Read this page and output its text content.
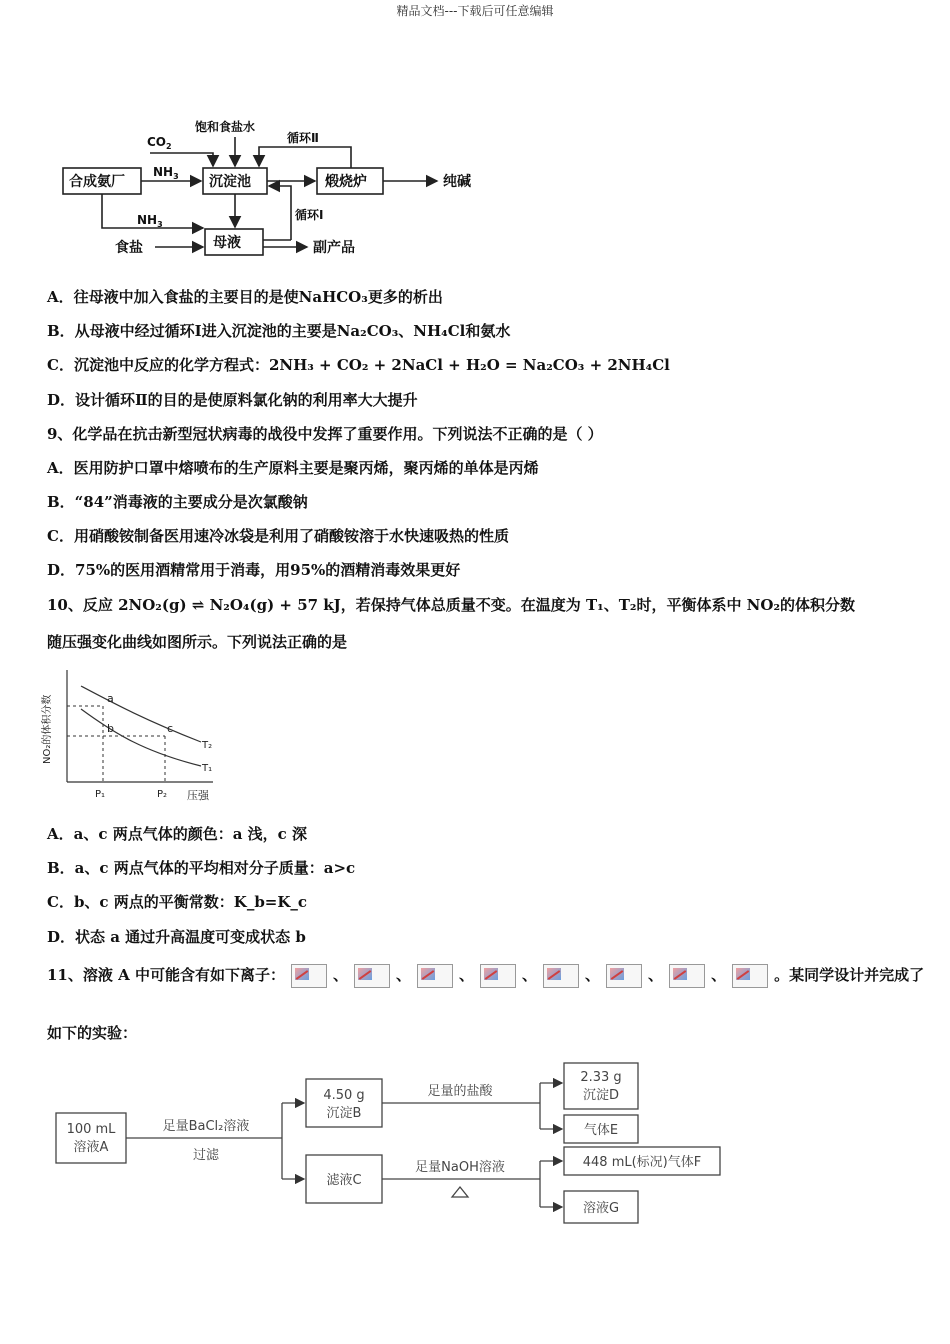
精品文档---下载后可任意编辑
合成氨厂	沉淀池	煅烧炉
母液
纯碱
副产品
食盐
饱和食盐水
循环Ⅱ
循环Ⅰ
$CO_2$
$NH_3$
$NH_3$
A．往母液中加入食盐的主要目的是使NaHCO₃更多的析出
B．从母液中经过循环Ⅰ进入沉淀池的主要是Na₂CO₃、NH₄Cl和氨水
C．沉淀池中反应的化学方程式：2NH₃ + CO₂ + 2NaCl + H₂O = Na₂CO₃ + 2NH₄Cl
D．设计循环Ⅱ的目的是使原料氯化钠的利用率大大提升
9、化学品在抗击新型冠状病毒的战役中发挥了重要作用。下列说法不正确的是（ ）
A．医用防护口罩中熔喷布的生产原料主要是聚丙烯，聚丙烯的单体是丙烯
B．“84”消毒液的主要成分是次氯酸钠
C．用硝酸铵制备医用速冷冰袋是利用了硝酸铵溶于水快速吸热的性质
D．75%的医用酒精常用于消毒，用95%的酒精消毒效果更好
10、反应 2NO₂(g) ⇌ N₂O₄(g) + 57 kJ，若保持气体总质量不变。在温度为 T₁、T₂时，平衡体系中 NO₂的体积分数
随压强变化曲线如图所示。下列说法正确的是
NO₂的体积分数	a
b	c
T₂
T₁
P₁	P₂ 压强
A．a、c 两点气体的颜色：a 浅，c 深
B．a、c 两点气体的平均相对分子质量：a>c
C．b、c 两点的平衡常数：K_b=K_c
D．状态 a 通过升高温度可变成状态 b
11、溶液 A 中可能含有如下离子：	、	、	、	、	、	、	、	。某同学设计并完成了
如下的实验：
100 mL
溶液A
足量BaCl₂溶液
过滤
4.50 g
沉淀B
滤液C
足量的盐酸
足量NaOH溶液
2.33 g
沉淀D
气体E
448 mL(标况)气体F
溶液G
